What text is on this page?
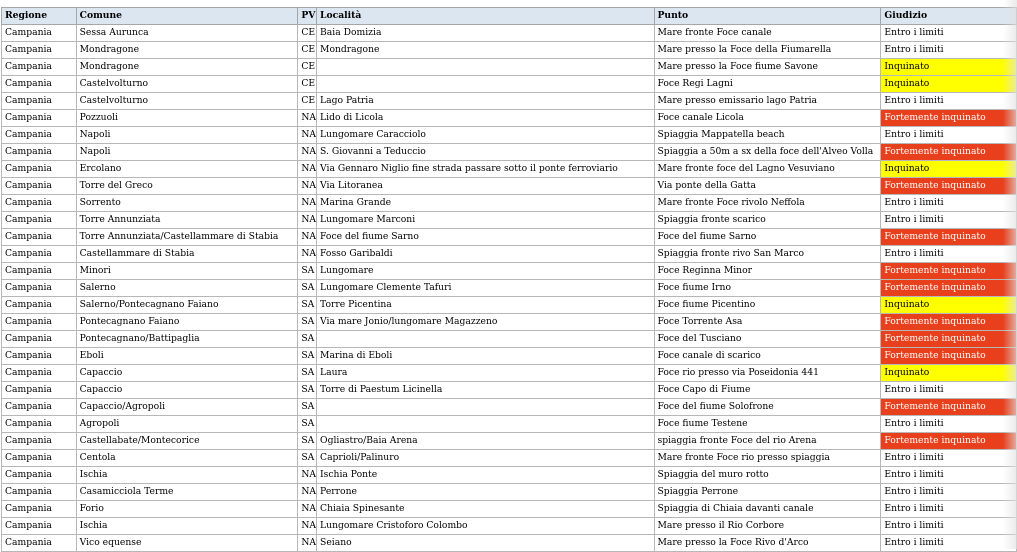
Regione	Comune	PV	Località	Punto	Giudizio
Campania	Sessa Aurunca	CE	Baia Domizia	Mare fronte Foce canale	Entro i limiti
Campania	Mondragone	CE	Mondragone	Mare presso la Foce della Fiumarella	Entro i limiti
Campania	Mondragone	CE		Mare presso la Foce fiume Savone	Inquinato
Campania	Castelvolturno	CE		Foce Regi Lagni	Inquinato
Campania	Castelvolturno	CE	Lago Patria	Mare presso emissario lago Patria	Entro i limiti
Campania	Pozzuoli	NA	Lido di Licola	Foce canale Licola	Fortemente inquinato
Campania	Napoli	NA	Lungomare Caracciolo	Spiaggia Mappatella beach	Entro i limiti
Campania	Napoli	NA	S. Giovanni a Teduccio	Spiaggia a 50m a sx della foce dell'Alveo Volla	Fortemente inquinato
Campania	Ercolano	NA	Via Gennaro Niglio fine strada passare sotto il ponte ferroviario	Mare fronte foce del Lagno Vesuviano	Inquinato
Campania	Torre del Greco	NA	Via Litoranea	Via ponte della Gatta	Fortemente inquinato
Campania	Sorrento	NA	Marina Grande	Mare fronte Foce rivolo Neffola	Entro i limiti
Campania	Torre Annunziata	NA	Lungomare Marconi	Spiaggia fronte scarico	Entro i limiti
Campania	Torre Annunziata/Castellammare di Stabia	NA	Foce del fiume Sarno	Foce del fiume Sarno	Fortemente inquinato
Campania	Castellammare di Stabia	NA	Fosso Garibaldi	Spiaggia fronte rivo San Marco	Entro i limiti
Campania	Minori	SA	Lungomare	Foce Reginna Minor	Fortemente inquinato
Campania	Salerno	SA	Lungomare Clemente Tafuri	Foce fiume Irno	Fortemente inquinato
Campania	Salerno/Pontecagnano Faiano	SA	Torre Picentina	Foce fiume Picentino	Inquinato
Campania	Pontecagnano Faiano	SA	Via mare Jonio/lungomare Magazzeno	Foce Torrente Asa	Fortemente inquinato
Campania	Pontecagnano/Battipaglia	SA		Foce del Tusciano	Fortemente inquinato
Campania	Eboli	SA	Marina di Eboli	Foce canale di scarico	Fortemente inquinato
Campania	Capaccio	SA	Laura	Foce rio presso via Poseidonia 441	Inquinato
Campania	Capaccio	SA	Torre di Paestum Licinella	Foce Capo di Fiume	Entro i limiti
Campania	Capaccio/Agropoli	SA		Foce del fiume Solofrone	Fortemente inquinato
Campania	Agropoli	SA		Foce fiume Testene	Entro i limiti
Campania	Castellabate/Montecorice	SA	Ogliastro/Baia Arena	spiaggia fronte Foce del rio Arena	Fortemente inquinato
Campania	Centola	SA	Caprioli/Palinuro	Mare fronte Foce rio presso spiaggia	Entro i limiti
Campania	Ischia	NA	Ischia Ponte	Spiaggia del muro rotto	Entro i limiti
Campania	Casamicciola Terme	NA	Perrone	Spiaggia Perrone	Entro i limiti
Campania	Forio	NA	Chiaia Spinesante	Spiaggia di Chiaia davanti canale	Entro i limiti
Campania	Ischia	NA	Lungomare Cristoforo Colombo	Mare presso il Rio Corbore	Entro i limiti
Campania	Vico equense	NA	Seiano	Mare presso la Foce Rivo d'Arco	Entro i limiti
